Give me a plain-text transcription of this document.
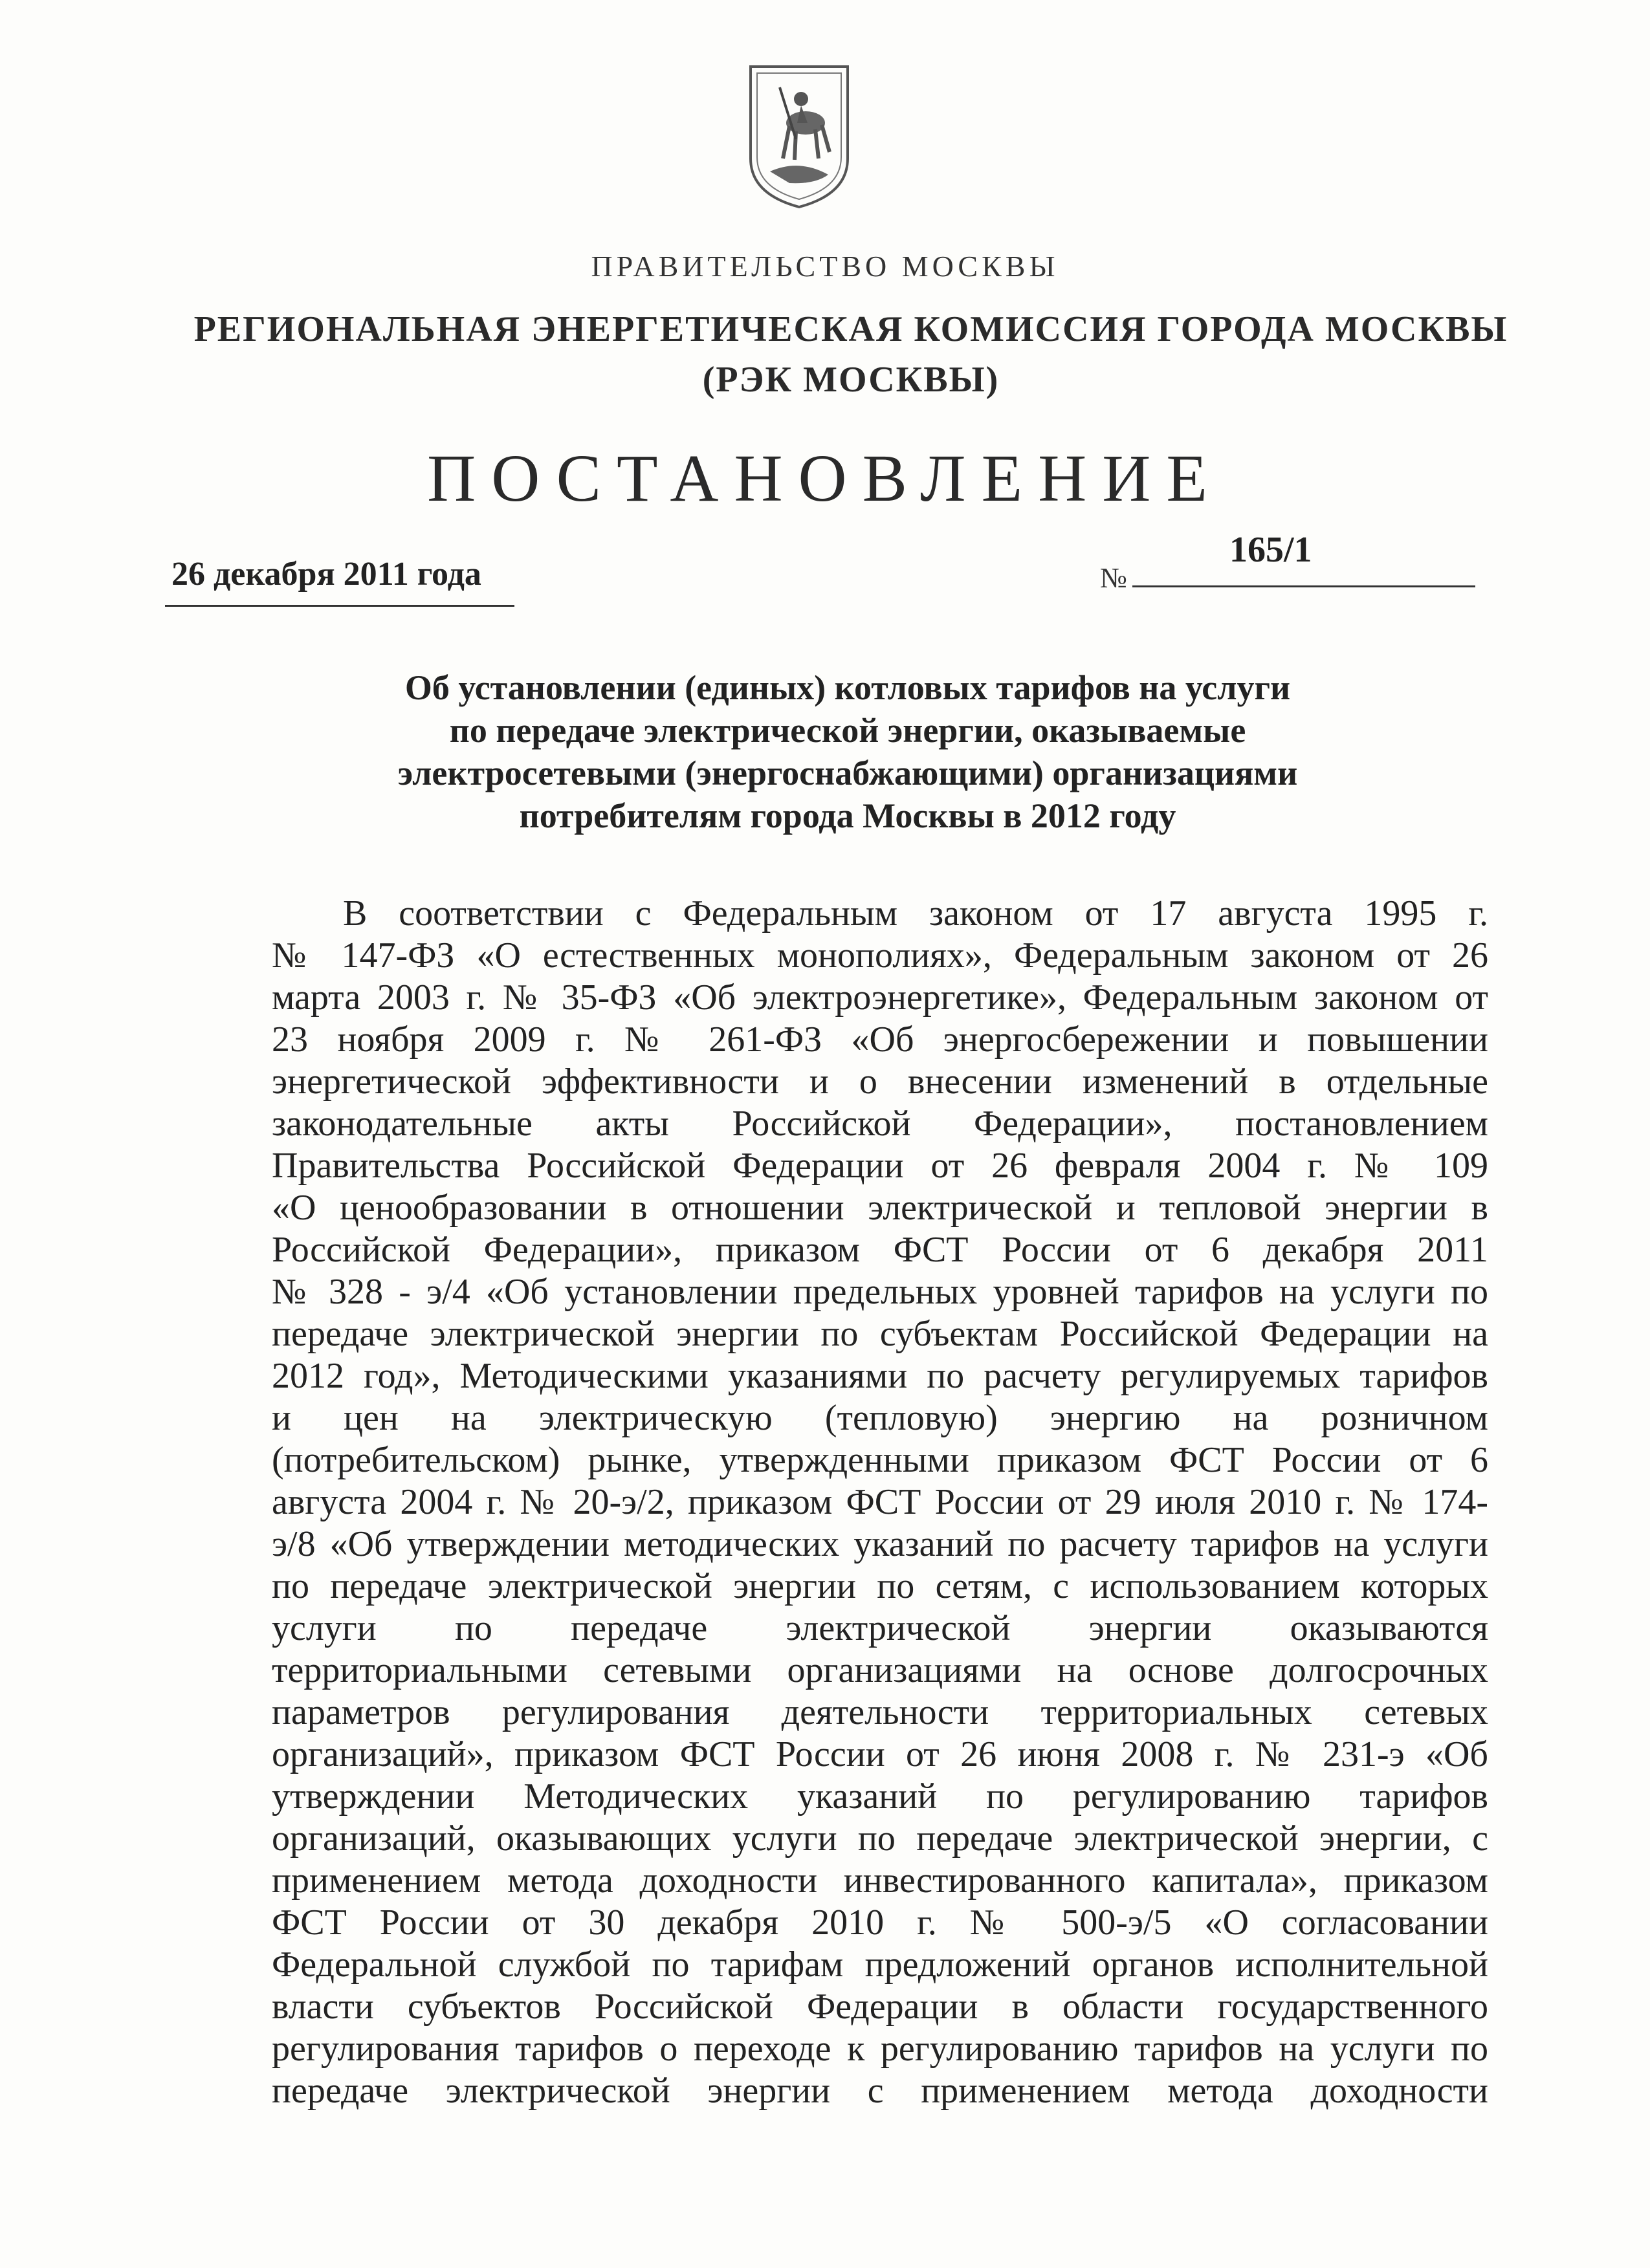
ПРАВИТЕЛЬСТВО МОСКВЫ
РЕГИОНАЛЬНАЯ ЭНЕРГЕТИЧЕСКАЯ КОМИССИЯ ГОРОДА МОСКВЫ
(РЭК МОСКВЫ)
ПОСТАНОВЛЕНИЕ
26 декабря 2011 года	№
165/1
Об установлении (единых) котловых тарифов на услуги
по передаче электрической энергии, оказываемые
электросетевыми (энергоснабжающими) организациями
потребителям города Москвы в 2012 году
В соответствии с Федеральным законом от 17 августа 1995 г.
№ 147-ФЗ «О естественных монополиях», Федеральным законом от 26
марта 2003 г. № 35-ФЗ «Об электроэнергетике», Федеральным законом от
23 ноября 2009 г. № 261-ФЗ «Об энергосбережении и повышении
энергетической эффективности и о внесении изменений в отдельные
законодательные акты Российской Федерации», постановлением
Правительства Российской Федерации от 26 февраля 2004 г. № 109
«О ценообразовании в отношении электрической и тепловой энергии в
Российской Федерации», приказом ФСТ России от 6 декабря 2011
№ 328 - э/4 «Об установлении предельных уровней тарифов на услуги по
передаче электрической энергии по субъектам Российской Федерации на
2012 год», Методическими указаниями по расчету регулируемых тарифов
и цен на электрическую (тепловую) энергию на розничном
(потребительском) рынке, утвержденными приказом ФСТ России от 6
августа 2004 г. № 20-э/2, приказом ФСТ России от 29 июля 2010 г. № 174-
э/8 «Об утверждении методических указаний по расчету тарифов на услуги
по передаче электрической энергии по сетям, с использованием которых
услуги по передаче электрической энергии оказываются
территориальными сетевыми организациями на основе долгосрочных
параметров регулирования деятельности территориальных сетевых
организаций», приказом ФСТ России от 26 июня 2008 г. № 231-э «Об
утверждении Методических указаний по регулированию тарифов
организаций, оказывающих услуги по передаче электрической энергии, с
применением метода доходности инвестированного капитала», приказом
ФСТ России от 30 декабря 2010 г. № 500-э/5 «О согласовании
Федеральной службой по тарифам предложений органов исполнительной
власти субъектов Российской Федерации в области государственного
регулирования тарифов о переходе к регулированию тарифов на услуги по
передаче электрической энергии с применением метода доходности
